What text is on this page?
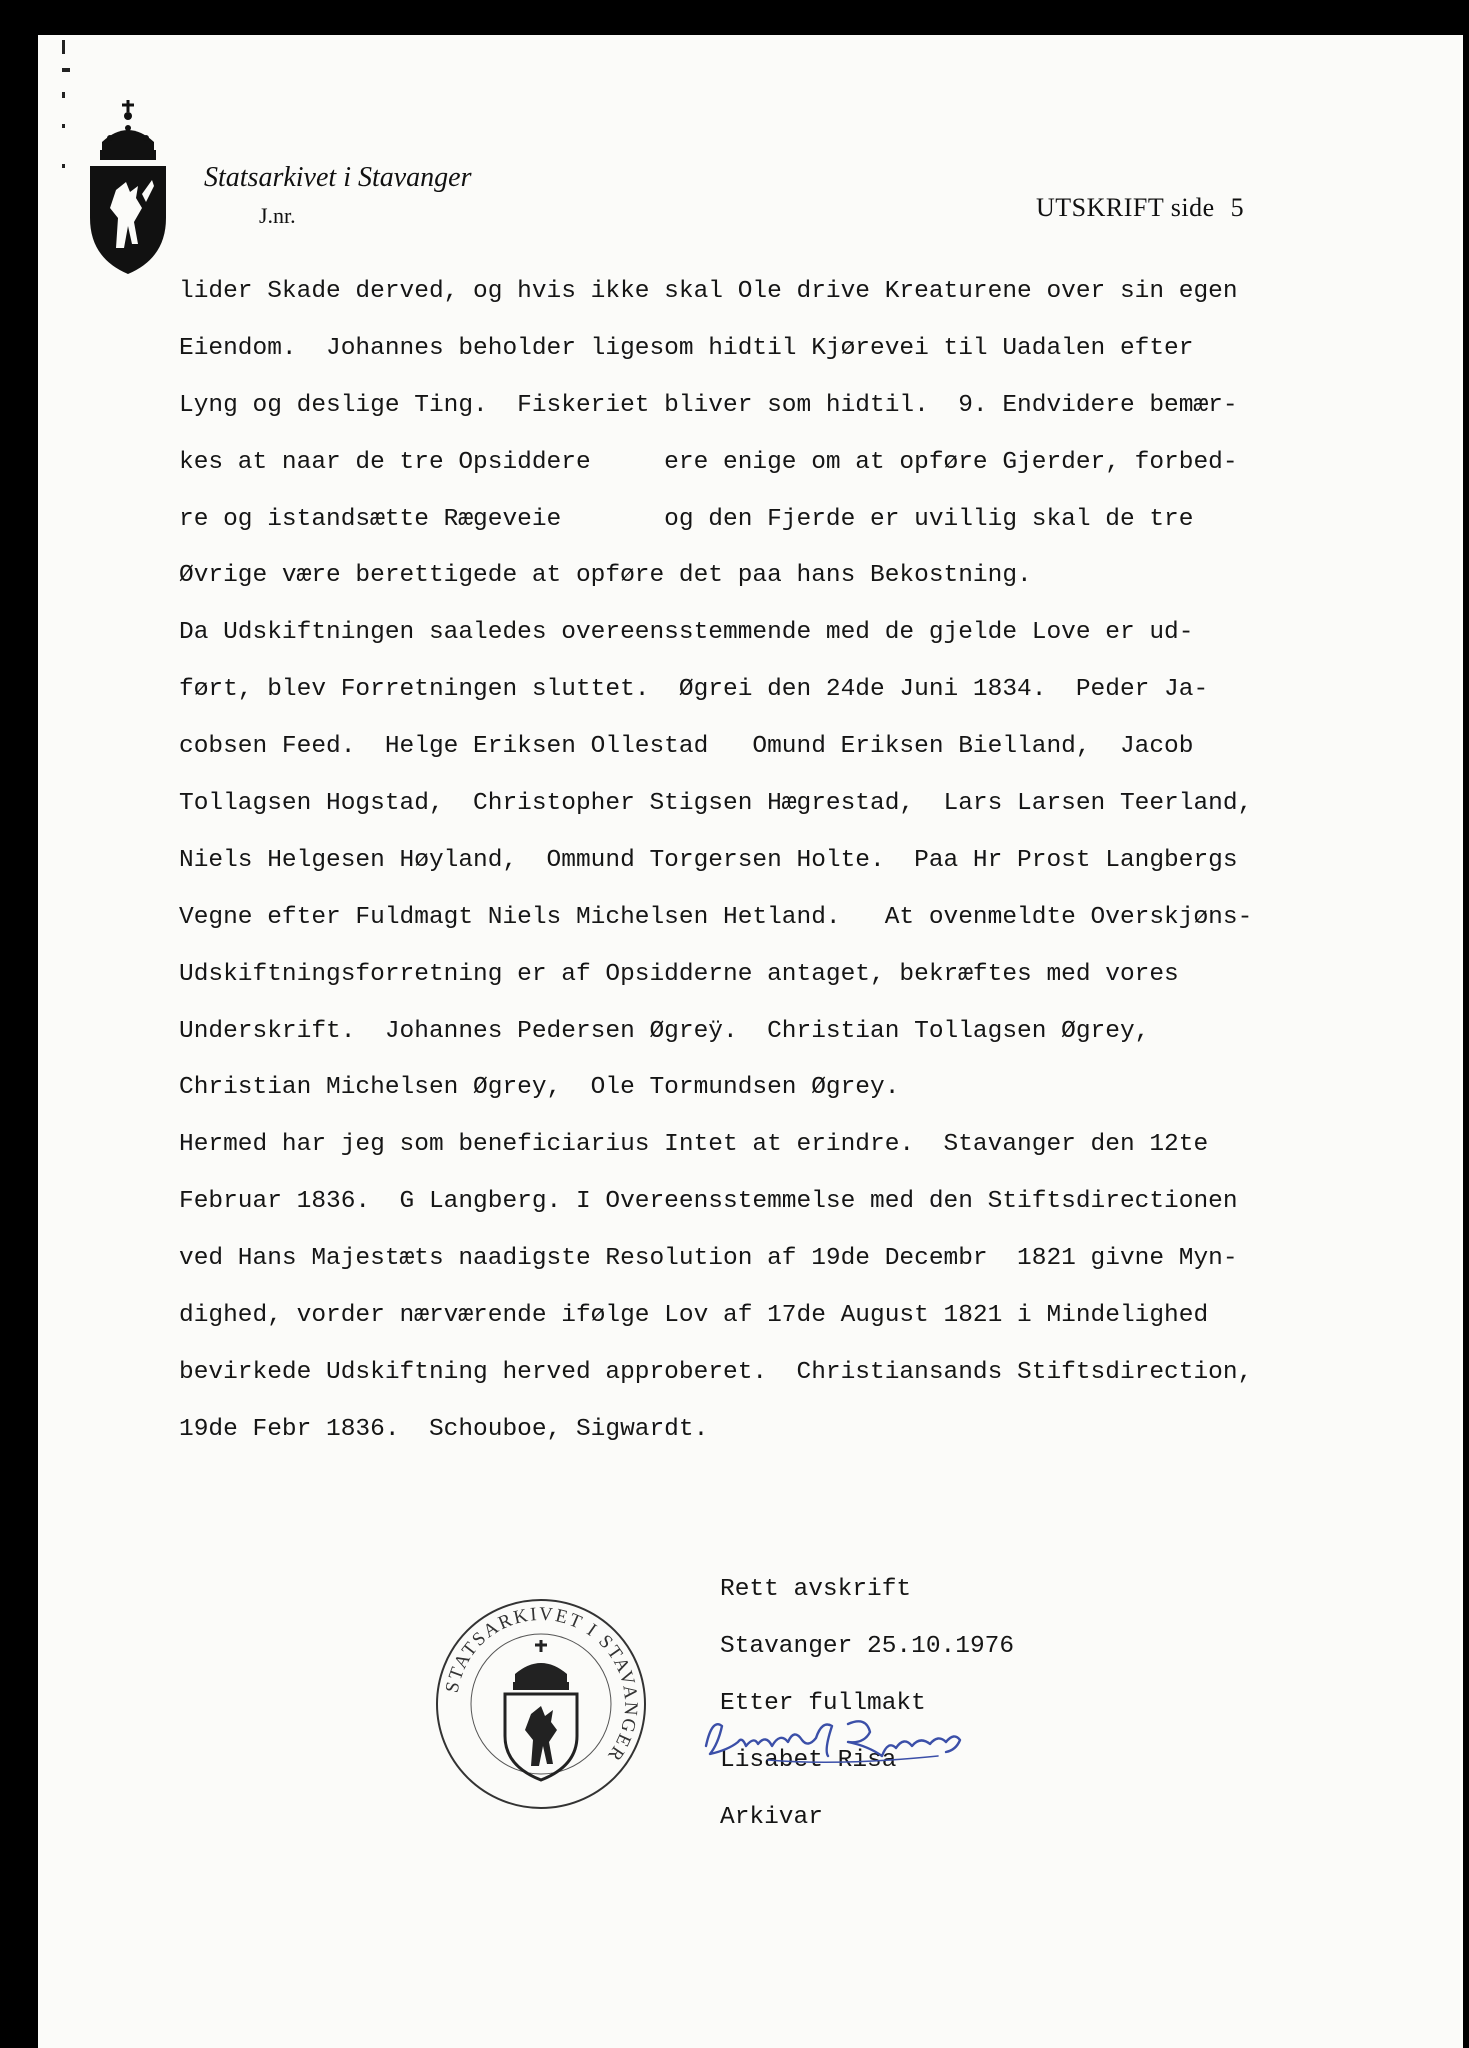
Statsarkivet i Stavanger
J.nr.	UTSKRIFT side 5
lider Skade derved, og hvis ikke skal Ole drive Kreaturene over sin egen
Eiendom.  Johannes beholder ligesom hidtil Kjørevei til Uadalen efter
Lyng og deslige Ting.  Fiskeriet bliver som hidtil.  9. Endvidere bemær-
kes at naar de tre Opsiddere     ere enige om at opføre Gjerder, forbed-
re og istandsætte Rægeveie       og den Fjerde er uvillig skal de tre
Øvrige være berettigede at opføre det paa hans Bekostning.
Da Udskiftningen saaledes overeensstemmende med de gjelde Love er ud-
ført, blev Forretningen sluttet.  Øgrei den 24de Juni 1834.  Peder Ja-
cobsen Feed.  Helge Eriksen Ollestad   Omund Eriksen Bielland,  Jacob
Tollagsen Hogstad,  Christopher Stigsen Hægrestad,  Lars Larsen Teerland,
Niels Helgesen Høyland,  Ommund Torgersen Holte.  Paa Hr Prost Langbergs
Vegne efter Fuldmagt Niels Michelsen Hetland.   At ovenmeldte Overskjøns-
Udskiftningsforretning er af Opsidderne antaget, bekræftes med vores
Underskrift.  Johannes Pedersen Øgreÿ.  Christian Tollagsen Øgrey,
Christian Michelsen Øgrey,  Ole Tormundsen Øgrey.
Hermed har jeg som beneficiarius Intet at erindre.  Stavanger den 12te
Februar 1836.  G Langberg. I Overeensstemmelse med den Stiftsdirectionen
ved Hans Majestæts naadigste Resolution af 19de Decembr  1821 givne Myn-
dighed, vorder nærværende ifølge Lov af 17de August 1821 i Mindelighed
bevirkede Udskiftning herved approberet.  Christiansands Stiftsdirection,
19de Febr 1836.  Schouboe, Sigwardt.
STATSARKIVET I STAVANGER
Rett avskrift
Stavanger 25.10.1976
Etter fullmakt
Lisabet Risa
Arkivar
